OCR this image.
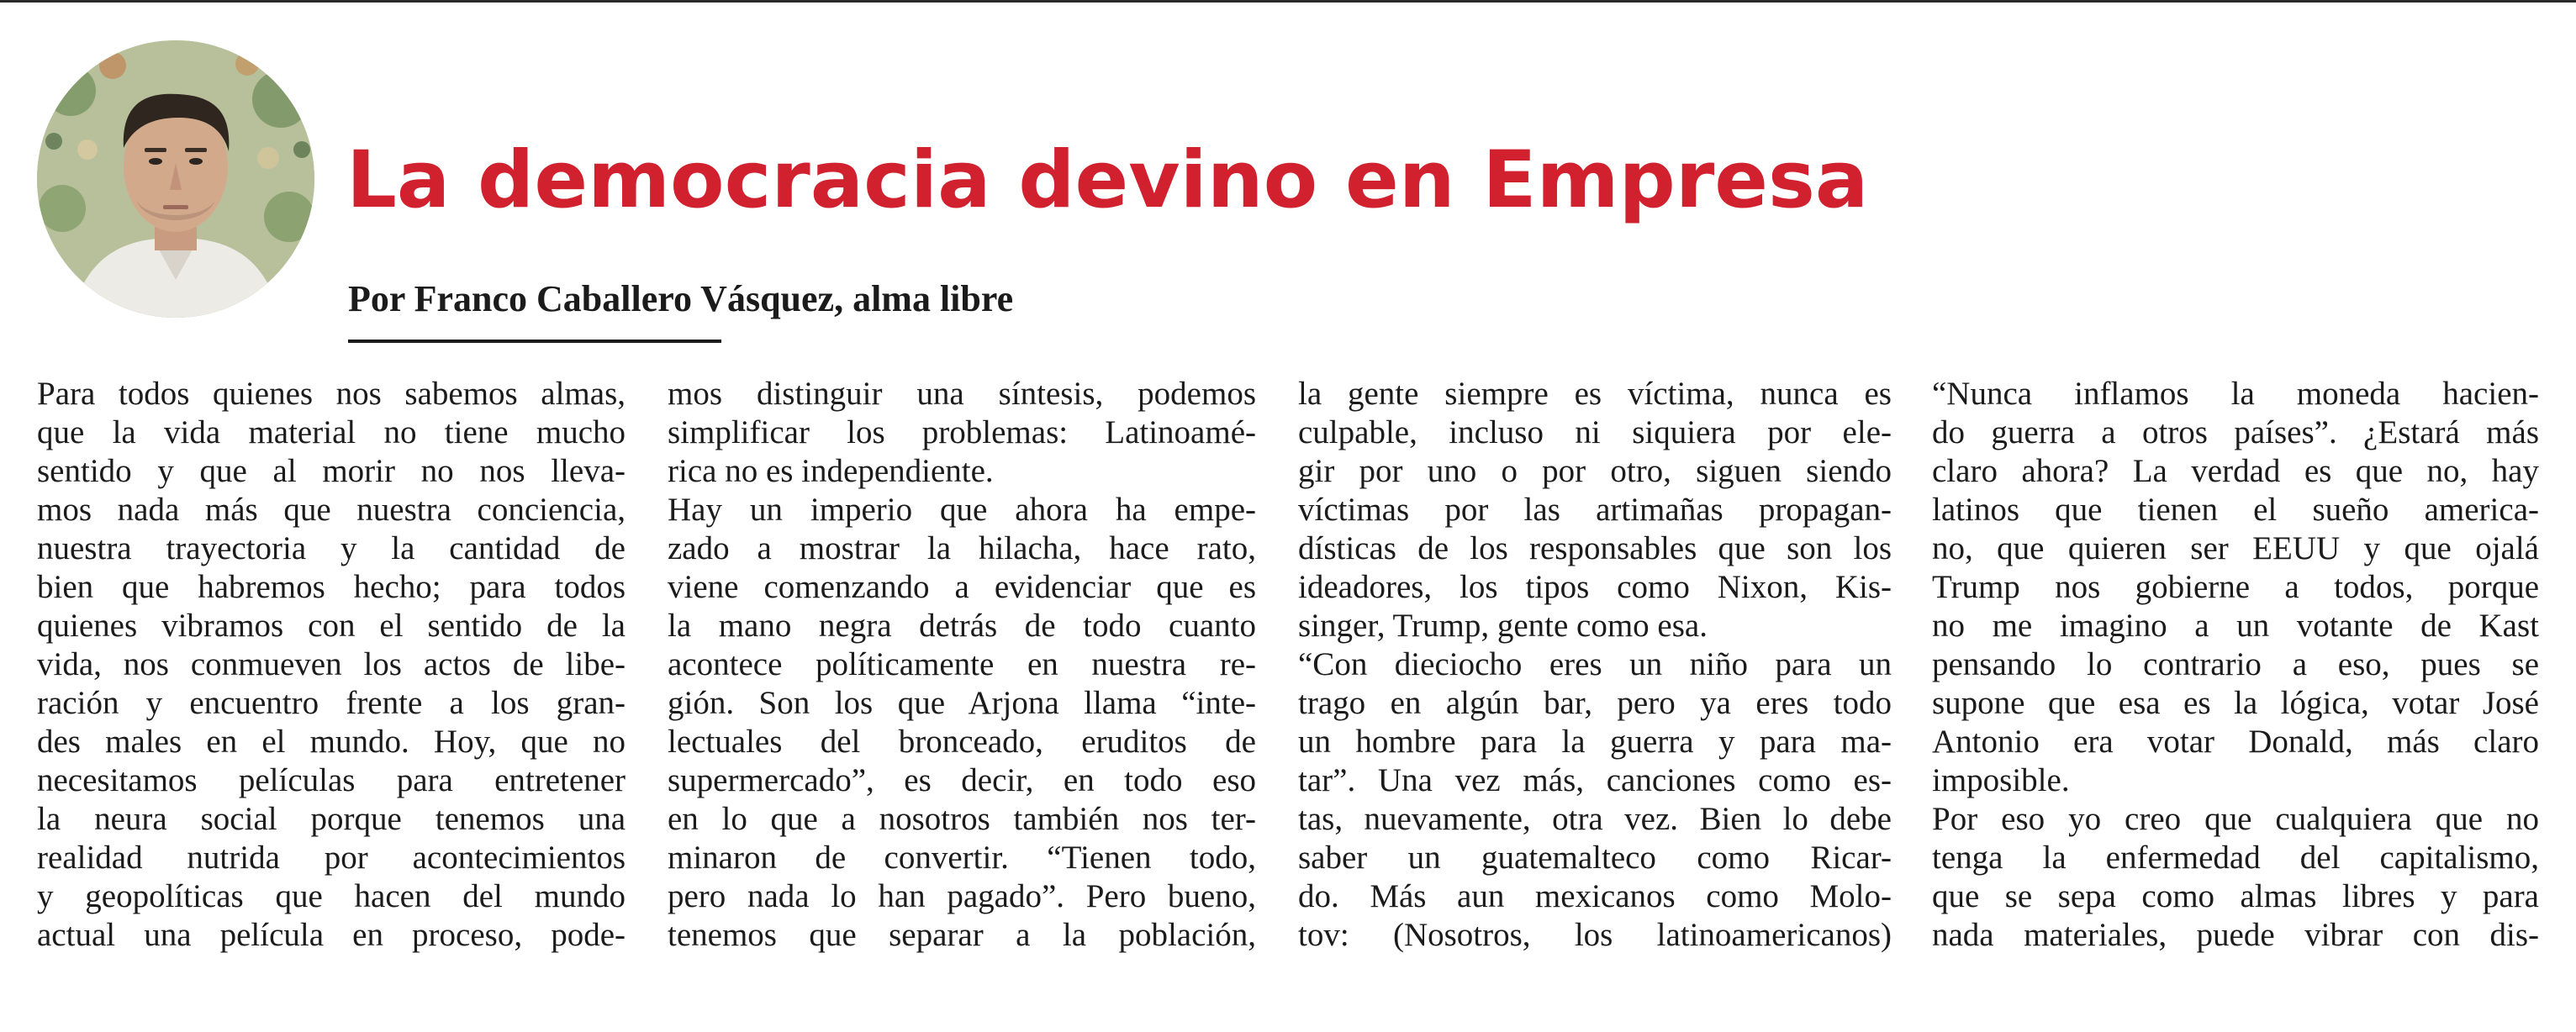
La democracia devino en Empresa

Por Franco Caballero Vásquez, alma libre

Para todos quienes nos sabemos almas,
que la vida material no tiene mucho
sentido y que al morir no nos lleva-
mos nada más que nuestra conciencia,
nuestra trayectoria y la cantidad de
bien que habremos hecho; para todos
quienes vibramos con el sentido de la
vida, nos conmueven los actos de libe-
ración y encuentro frente a los gran-
des males en el mundo. Hoy, que no
necesitamos películas para entretener
la neura social porque tenemos una
realidad nutrida por acontecimientos
y geopolíticas que hacen del mundo
actual una película en proceso, pode-
mos distinguir una síntesis, podemos
simplificar los problemas: Latinoamé-
rica no es independiente.
Hay un imperio que ahora ha empe-
zado a mostrar la hilacha, hace rato,
viene comenzando a evidenciar que es
la mano negra detrás de todo cuanto
acontece políticamente en nuestra re-
gión. Son los que Arjona llama “inte-
lectuales del bronceado, eruditos de
supermercado”, es decir, en todo eso
en lo que a nosotros también nos ter-
minaron de convertir. “Tienen todo,
pero nada lo han pagado”. Pero bueno,
tenemos que separar a la población,
la gente siempre es víctima, nunca es
culpable, incluso ni siquiera por ele-
gir por uno o por otro, siguen siendo
víctimas por las artimañas propagan-
dísticas de los responsables que son los
ideadores, los tipos como Nixon, Kis-
singer, Trump, gente como esa.
“Con dieciocho eres un niño para un
trago en algún bar, pero ya eres todo
un hombre para la guerra y para ma-
tar”. Una vez más, canciones como es-
tas, nuevamente, otra vez. Bien lo debe
saber un guatemalteco como Ricar-
do. Más aun mexicanos como Molo-
tov: (Nosotros, los latinoamericanos)
“Nunca inflamos la moneda hacien-
do guerra a otros países”. ¿Estará más
claro ahora? La verdad es que no, hay
latinos que tienen el sueño america-
no, que quieren ser EEUU y que ojalá
Trump nos gobierne a todos, porque
no me imagino a un votante de Kast
pensando lo contrario a eso, pues se
supone que esa es la lógica, votar José
Antonio era votar Donald, más claro
imposible.
Por eso yo creo que cualquiera que no
tenga la enfermedad del capitalismo,
que se sepa como almas libres y para
nada materiales, puede vibrar con dis-
